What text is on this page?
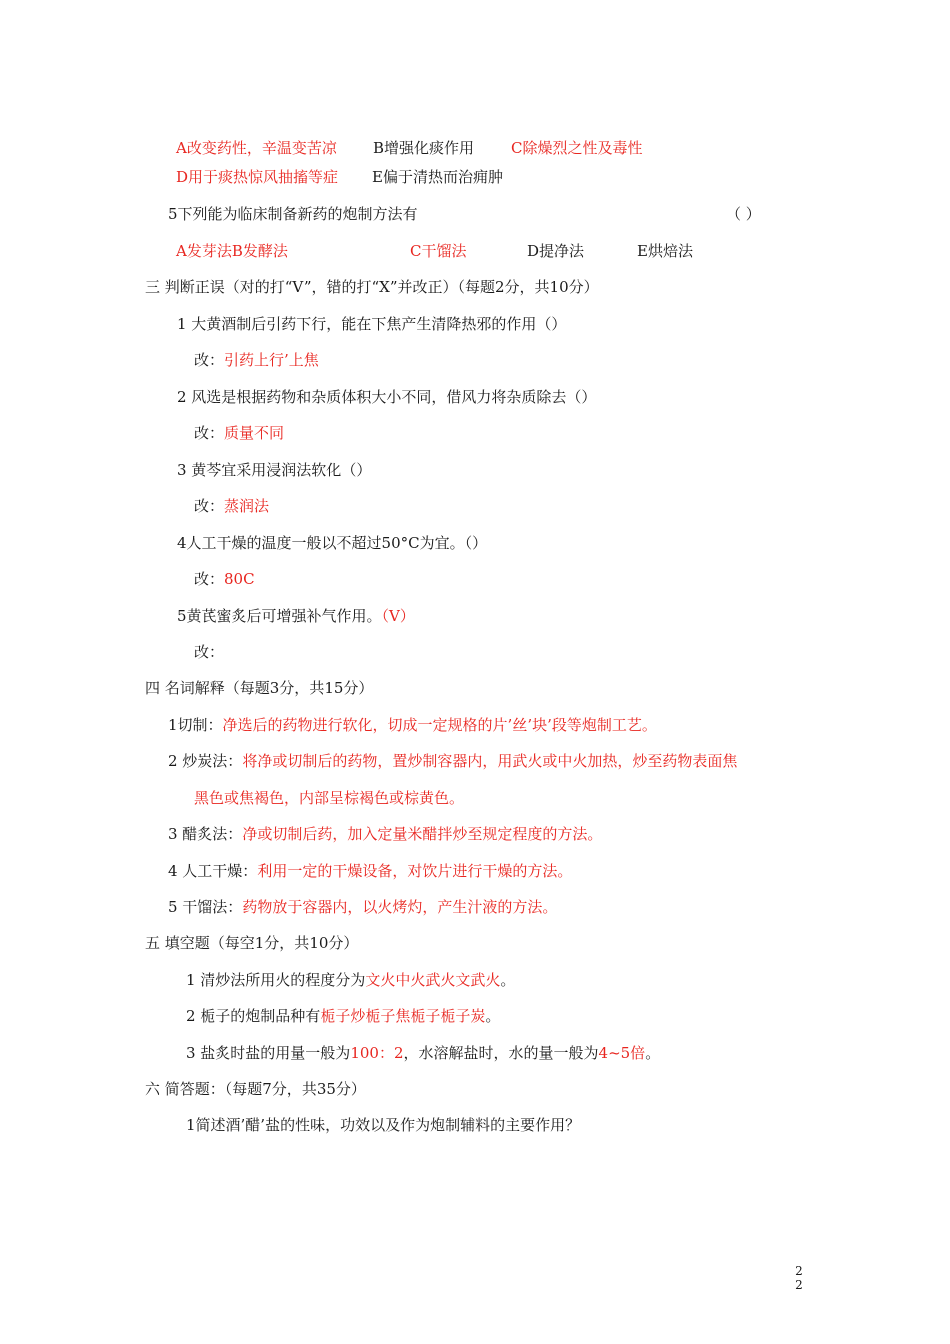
A改变药性，辛温变苦凉 B增强化痰作用 C除燥烈之性及毒性
D用于痰热惊风抽搐等症 E偏于清热而治痈肿
5下列能为临床制备新药的炮制方法有	（ ）
A发芽法B发酵法	C干馏法	D提净法	E烘焙法
三 判断正误（对的打“V”，错的打“X”并改正）（每题2分，共10分）
1 大黄酒制后引药下行，能在下焦产生清降热邪的作用（）
改：引药上行’上焦
2 风选是根据药物和杂质体积大小不同，借风力将杂质除去（）
改：质量不同
3 黄芩宜采用浸润法软化（）
改：蒸润法
4人工干燥的温度一般以不超过50°C为宜。（）
改：80C
5黄芪蜜炙后可增强补气作用。（V）
改：
四 名词解释（每题3分，共15分）
1切制：净选后的药物进行软化，切成一定规格的片’丝’块’段等炮制工艺。
2 炒炭法：将净或切制后的药物，置炒制容器内，用武火或中火加热，炒至药物表面焦
黑色或焦褐色，内部呈棕褐色或棕黄色。
3 醋炙法：净或切制后药，加入定量米醋拌炒至规定程度的方法。
4 人工干燥：利用一定的干燥设备，对饮片进行干燥的方法。
5 干馏法：药物放于容器内，以火烤灼，产生汁液的方法。
五 填空题（每空1分，共10分）
1 清炒法所用火的程度分为文火中火武火文武火。
2 栀子的炮制品种有栀子炒栀子焦栀子栀子炭。
3 盐炙时盐的用量一般为100：2，水溶解盐时，水的量一般为4~5倍。
六 简答题：（每题7分，共35分）
1简述酒’醋’盐的性味，功效以及作为炮制辅料的主要作用？
2
2
